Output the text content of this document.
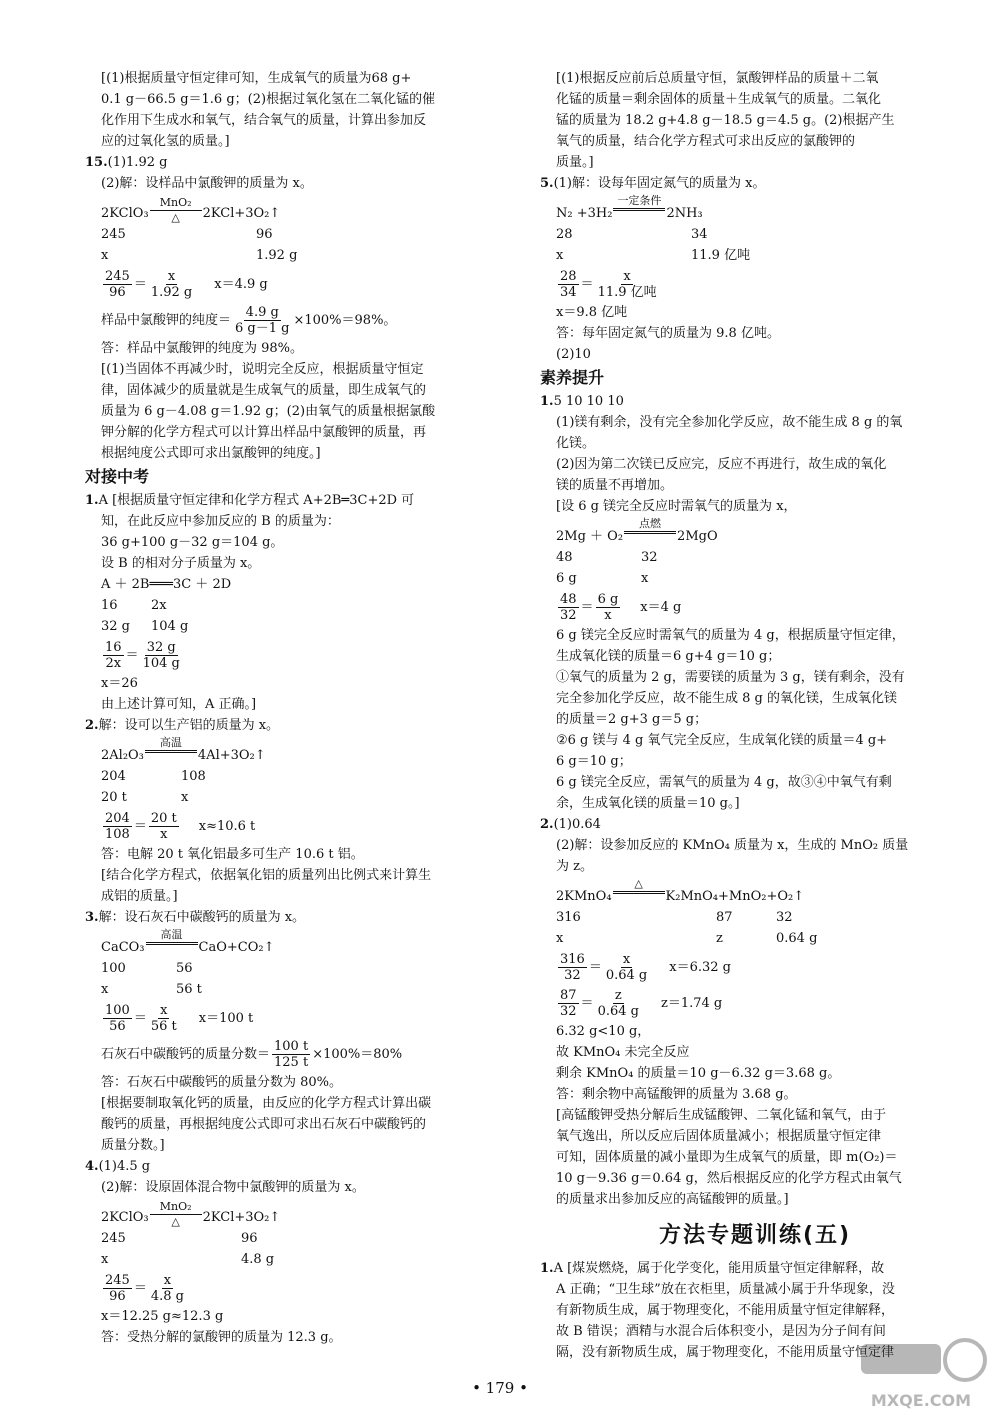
[(1)根据质量守恒定律可知，生成氧气的质量为68 g+
0.1 g－66.5 g＝1.6 g；(2)根据过氧化氢在二氧化锰的催
化作用下生成水和氧气，结合氧气的质量，计算出参加反
应的过氧化氢的质量。]
15.(1)1.92 g
(2)解：设样品中氯酸钾的质量为 x。
2KClO₃
MnO₂
△ 2KCl+3O₂↑
245	96
x	1.92 g
$\frac{245}{96} = \frac{x}{1.92 g} x=4.9$ g
样品中氯酸钾的纯度＝ $\frac{4.9 g}{6 g-1 g} \times 100\%=98\%$。
答：样品中氯酸钾的纯度为 98%。
[(1)当固体不再减少时，说明完全反应，根据质量守恒定
律，固体减少的质量就是生成氧气的质量，即生成氧气的
质量为 6 g－4.08 g＝1.92 g；(2)由氧气的质量根据氯酸
钾分解的化学方程式可以计算出样品中氯酸钾的质量，再
根据纯度公式即可求出氯酸钾的纯度。]
对接中考
1.A [根据质量守恒定律和化学方程式 A+2B═3C+2D 可
知，在此反应中参加反应的 B 的质量为：
36 g+100 g－32 g＝104 g。
设 B 的相对分子质量为 x。
A ＋ 2B═══3C ＋ 2D
16	2x
32 g	104 g
$\frac{16}{2x} = \frac{32 g}{104 g}$
x＝26
由上述计算可知，A 正确。]
2.解：设可以生产铝的质量为 x。
2Al₂O₃
高温
4Al+3O₂↑
204	108
20 t	x
$\frac{204}{108} = \frac{20 t}{x} x\approx 10.6$ t
答：电解 20 t 氧化铝最多可生产 10.6 t 铝。
[结合化学方程式，依据氧化铝的质量列出比例式来计算生
成铝的质量。]
3.解：设石灰石中碳酸钙的质量为 x。
CaCO₃
高温
CaO+CO₂↑
100	56
x	56 t
$\frac{100}{56} = \frac{x}{56 t} x=100$ t
石灰石中碳酸钙的质量分数＝ $\frac{100 t}{125 t} \times 100\%=80\%$
答：石灰石中碳酸钙的质量分数为 80%。
[根据要制取氧化钙的质量，由反应的化学方程式计算出碳
酸钙的质量，再根据纯度公式即可求出石灰石中碳酸钙的
质量分数。]
4.(1)4.5 g
(2)解：设原固体混合物中氯酸钾的质量为 x。
2KClO₃
MnO₂
△ 2KCl+3O₂↑
245	96
x	4.8 g
$\frac{245}{96} = \frac{x}{4.8 g}$
x＝12.25 g≈12.3 g
答：受热分解的氯酸钾的质量为 12.3 g。
[(1)根据反应前后总质量守恒，氯酸钾样品的质量＋二氧
化锰的质量＝剩余固体的质量＋生成氧气的质量。二氧化
锰的质量为 18.2 g+4.8 g－18.5 g＝4.5 g。(2)根据产生
氧气的质量，结合化学方程式可求出反应的氯酸钾的
质量。]
5.(1)解：设每年固定氮气的质量为 x。
N₂ +3H₂
一定条件
2NH₃
28	34
x	11.9 亿吨
$\frac{28}{34} = \frac{x}{\text{11.9 亿吨}}$
x＝9.8 亿吨
答：每年固定氮气的质量为 9.8 亿吨。
(2)10
素养提升
1.5 10 10 10
(1)镁有剩余，没有完全参加化学反应，故不能生成 8 g 的氧
化镁。
(2)因为第二次镁已反应完，反应不再进行，故生成的氧化
镁的质量不再增加。
[设 6 g 镁完全反应时需氧气的质量为 x，
2Mg ＋ O₂
点燃
2MgO
48	32
6 g	x
$\frac{48}{32} = \frac{6 g}{x} x=4$ g
6 g 镁完全反应时需氧气的质量为 4 g，根据质量守恒定律，
生成氧化镁的质量＝6 g+4 g＝10 g；
①氧气的质量为 2 g，需要镁的质量为 3 g，镁有剩余，没有
完全参加化学反应，故不能生成 8 g 的氧化镁，生成氧化镁
的质量＝2 g+3 g＝5 g；
②6 g 镁与 4 g 氧气完全反应，生成氧化镁的质量＝4 g+
6 g＝10 g；
6 g 镁完全反应，需氧气的质量为 4 g，故③④中氧气有剩
余，生成氧化镁的质量＝10 g。]
2.(1)0.64
(2)解：设参加反应的 KMnO₄ 质量为 x，生成的 MnO₂ 质量
为 z。
2KMnO₄
△
K₂MnO₄+MnO₂+O₂↑
316	87	32
x	z	0.64 g
$\frac{316}{32} = \frac{x}{0.64 g} x=6.32$ g
$\frac{87}{32} = \frac{z}{0.64 g} z=1.74$ g
6.32 g<10 g，
故 KMnO₄ 未完全反应
剩余 KMnO₄ 的质量＝10 g－6.32 g＝3.68 g。
答：剩余物中高锰酸钾的质量为 3.68 g。
[高锰酸钾受热分解后生成锰酸钾、二氧化锰和氧气，由于
氧气逸出，所以反应后固体质量减小；根据质量守恒定律
可知，固体质量的减小量即为生成氧气的质量，即 m(O₂)＝
10 g－9.36 g＝0.64 g，然后根据反应的化学方程式由氧气
的质量求出参加反应的高锰酸钾的质量。]
方法专题训练(五)
1.A [煤炭燃烧，属于化学变化，能用质量守恒定律解释，故
A 正确；“卫生球”放在衣柜里，质量减小属于升华现象，没
有新物质生成，属于物理变化，不能用质量守恒定律解释，
故 B 错误；酒精与水混合后体积变小，是因为分子间有间
隔，没有新物质生成，属于物理变化，不能用质量守恒定律
• 179 •
MXQE.COM
